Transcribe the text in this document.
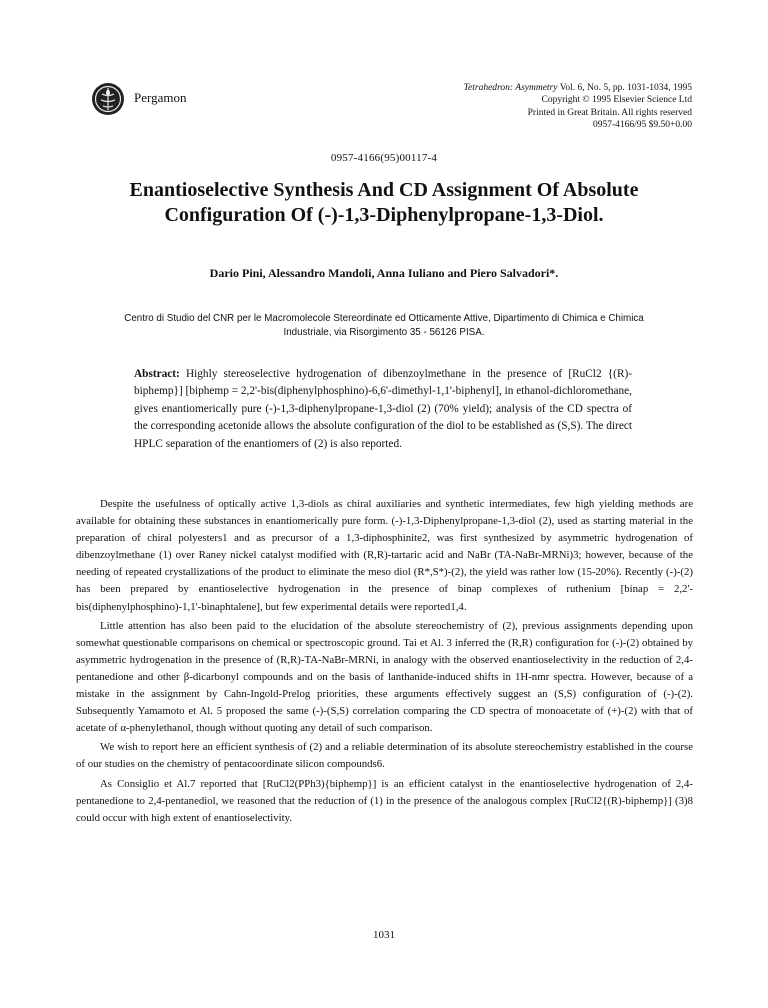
Pergamon
Tetrahedron: Asymmetry Vol. 6, No. 5, pp. 1031-1034, 1995
Copyright © 1995 Elsevier Science Ltd
Printed in Great Britain. All rights reserved
0957-4166/95 $9.50+0.00
0957-4166(95)00117-4
Enantioselective Synthesis And CD Assignment Of Absolute
Configuration Of (-)-1,3-Diphenylpropane-1,3-Diol.
Dario Pini, Alessandro Mandoli, Anna Iuliano and Piero Salvadori*.
Centro di Studio del CNR per le Macromolecole Stereordinate ed Otticamente Attive, Dipartimento di Chimica e Chimica
Industriale, via Risorgimento 35 - 56126 PISA.

Abstract: Highly stereoselective hydrogenation of dibenzoylmethane in the presence of [RuCl2 {(R)-biphemp}] [biphemp = 2,2'-bis(diphenylphosphino)-6,6'-dimethyl-1,1'-biphenyl], in ethanol-dichloromethane, gives enantiomerically pure (-)-1,3-diphenylpropane-1,3-diol (2) (70% yield); analysis of the CD spectra of the corresponding acetonide allows the absolute configuration of the diol to be established as (S,S). The direct HPLC separation of the enantiomers of (2) is also reported.

Despite the usefulness of optically active 1,3-diols as chiral auxiliaries and synthetic intermediates, few high yielding methods are available for obtaining these substances in enantiomerically pure form. (-)-1,3-Diphenylpropane-1,3-diol (2), used as starting material in the preparation of chiral polyesters1 and as precursor of a 1,3-diphosphinite2, was first synthesized by asymmetric hydrogenation of dibenzoylmethane (1) over Raney nickel catalyst modified with (R,R)-tartaric acid and NaBr (TA-NaBr-MRNi)3; however, because of the needing of repeated crystallizations of the product to eliminate the meso diol (R*,S*)-(2), the yield was rather low (15-20%). Recently (-)-(2) has been prepared by enantioselective hydrogenation in the presence of binap complexes of ruthenium [binap = 2,2'-bis(diphenylphosphino)-1,1'-binaphtalene], but few experimental details were reported1,4.

Little attention has also been paid to the elucidation of the absolute stereochemistry of (2), previous assignments depending upon somewhat questionable comparisons on chemical or spectroscopic ground. Tai et Al. 3 inferred the (R,R) configuration for (-)-(2) obtained by asymmetric hydrogenation in the presence of (R,R)-TA-NaBr-MRNi, in analogy with the observed enantioselectivity in the reduction of 2,4-pentanedione and other β-dicarbonyl compounds and on the basis of lanthanide-induced shifts in 1H-nmr spectra. However, because of a mistake in the assignment by Cahn-Ingold-Prelog priorities, these arguments effectively suggest an (S,S) configuration of (-)-(2). Subsequently Yamamoto et Al. 5 proposed the same (-)-(S,S) correlation comparing the CD spectra of monoacetate of (+)-(2) with that of acetate of α-phenylethanol, though without quoting any detail of such comparison.

We wish to report here an efficient synthesis of (2) and a reliable determination of its absolute stereochemistry established in the course of our studies on the chemistry of pentacoordinate silicon compounds6.

As Consiglio et Al.7 reported that [RuCl2(PPh3){biphemp}] is an efficient catalyst in the enantioselective hydrogenation of 2,4-pentanedione to 2,4-pentanediol, we reasoned that the reduction of (1) in the presence of the analogous complex [RuCl2{(R)-biphemp}] (3)8 could occur with high extent of enantioselectivity.

1031
